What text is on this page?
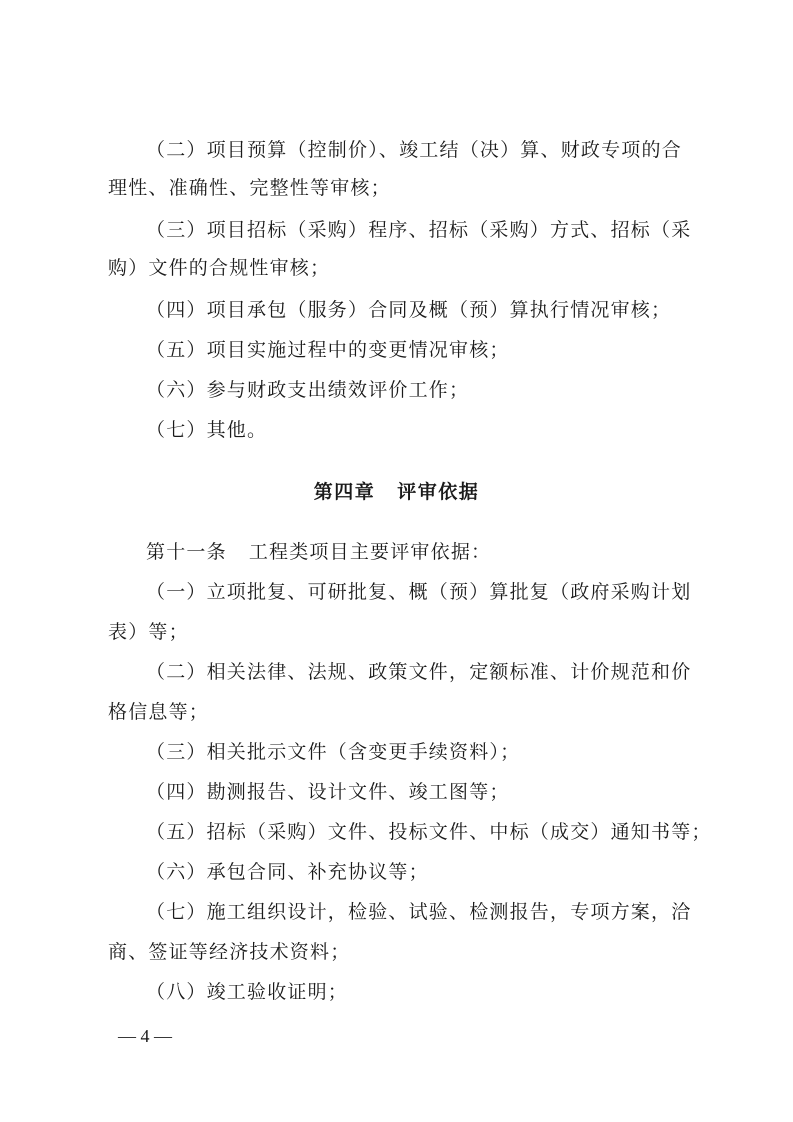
（二）项目预算（控制价）、竣工结（决）算、财政专项的合
理性、准确性、完整性等审核；
（三）项目招标（采购）程序、招标（采购）方式、招标（采
购）文件的合规性审核；
（四）项目承包（服务）合同及概（预）算执行情况审核；
（五）项目实施过程中的变更情况审核；
（六）参与财政支出绩效评价工作；
（七）其他。
第四章 评审依据
第十一条 工程类项目主要评审依据：
（一）立项批复、可研批复、概（预）算批复（政府采购计划
表）等；
（二）相关法律、法规、政策文件，定额标准、计价规范和价
格信息等；
（三）相关批示文件（含变更手续资料）；
（四）勘测报告、设计文件、竣工图等；
（五）招标（采购）文件、投标文件、中标（成交）通知书等；
（六）承包合同、补充协议等；
（七）施工组织设计，检验、试验、检测报告，专项方案，洽
商、签证等经济技术资料；
（八）竣工验收证明；
— 4 —
